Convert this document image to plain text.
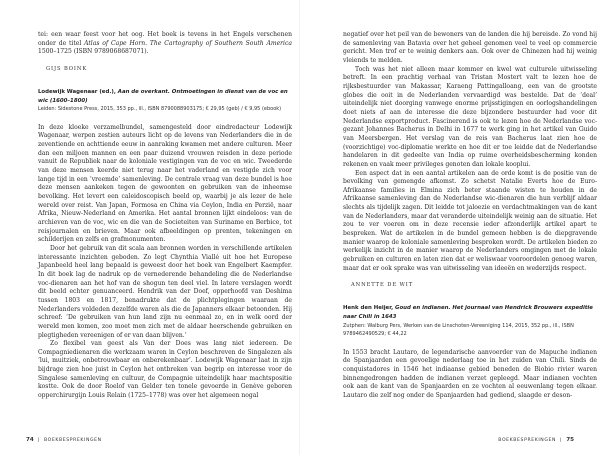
tei: een waar feest voor het oog. Het boek is tevens in het Engels verschenen onder de titel Atlas of Cape Horn. The Cartography of Southern South America 1500–1725 (ISBN 9789068687071).

GIJS BOINK

Lodewijk Wagenaar (ed.), Aan de overkant. Ontmoetingen in dienst van de voc en wic (1600–1800)

Leiden: Sidestone Press, 2015, 353 pp., ill., ISBN 8790088903175; € 29,95 (geb) / € 9,95 (ebook)

In deze kloeke verzamelbundel, samengesteld door eindredacteur Lodewijk Wagenaar, werpen zestien auteurs licht op de levens van Nederlanders die in de zeventiende en achttiende eeuw in aanraking kwamen met andere culturen. Meer dan een miljoen mannen en een paar duizend vrouwen reisden in deze periode vanuit de Republiek naar de koloniale vestigingen van de voc en wic. Tweederde van deze mensen keerde niet terug naar het vaderland en vestigde zich voor lange tijd in een ‘vreemde’ samenleving. De centrale vraag van deze bundel is hoe deze mensen aankeken tegen de gewoonten en gebruiken van de inheemse bevolking. Het levert een caleidoscopisch beeld op, waarbij je als lezer de hele wereld over reist. Van Japan, Formosa en China via Ceylon, India en Perzië, naar Afrika, Nieuw-Nederland en Amerika. Het aantal bronnen lijkt eindeloos: van de archieven van de voc, wic en die van de Societeiten van Suriname en Berbice, tot reisjournalen en brieven. Maar ook afbeeldingen op prenten, tekeningen en schilderijen en zelfs en grafmonumenten.

Door het gebruik van dit scala aan bronnen worden in verschillende artikelen interessante inzichten geboden. Zo legt Chynthia Viallé uit hoe het Europese Japanbeeld heel lang bepaald is geweest door het boek van Engelbert Kaempfer. In dit boek lag de nadruk op de vernederende behandeling die de Nederlandse voc-dienaren aan het hof van de shogun ten deel viel. In latere verslagen wordt dit beeld echter genuanceerd. Hendrik van der Doef, opperhoofd van Deshima tussen 1803 en 1817, benadrukte dat de plichtplegingen waaraan de Nederlanders voldeden dezelfde waren als die de Japanners elkaar betoonden. Hij schreef: ‘De gebruiken van hun land zijn nu eenmaal zo, en in welk oord der wereld men komen, zoo moet men zich met de aldaar heerschende gebruiken en plegtigheden vereenigen of er van daan blijven.’

Zo flexibel van geest als Van der Does was lang niet iedereen. De Compagniedienaren die werkzaam waren in Ceylon beschreven de Singalezen als ‘lui, muitziek, onbetrouwbaar en onberekenbaar’. Lodewijk Wagenaar laat in zijn bijdrage zien hoe juist in Ceylon het ontbreken van begrip en interesse voor de Singalese samenleving en cultuur, de Compagnie uiteindelijk haar machtspositie kostte. Ook de door Roelof van Gelder ten tonele gevoerde in Genève geboren opperchirurgijn Louis Relain (1725–1778) was over het algemeen nogal

74 | BOEKBESPREKINGEN

negatief over het peil van de bewoners van de landen die hij bereisde. Zo vond hij de samenleving van Batavia over het geheel genomen veel te veel op commercie gericht. Men trof er te weinig denkers aan. Ook over de Chinezen had hij weinig vleiends te melden.

Toch was het niet alleen maar kommer en kwel wat culturele uitwisseling betreft. In een prachtig verhaal van Tristan Mostert valt te lezen hoe de rijksbestuurder van Makassar, Karaeng Pattingalloang, een van de grootste globes die ooit in de Nederlanden vervaardigd was bestelde. Dat de ‘deal’ uiteindelijk niet doorging vanwege enorme prijsstigingen en oorlogshandelingen doet niets af aan de interesse die deze bijzondere bestuurder had voor dit Nederlandse exportproduct. Fascinerend is ook te lezen hoe de Nederlandse voc-gezant Johannes Bacherus in Delhi in 1677 te werk ging in het artikel van Guido van Meersbergen. Het verslag van de reis van Bacherus laat zien hoe de (voorzichtige) voc-diplomatie werkte en hoe dit er toe leidde dat de Nederlandse handelaren in dit gedeelte van India op ruime overheidsbescherming konden rekenen en vaak meer privileges genoten dan lokale kooplui.

Een aspect dat in een aantal artikelen aan de orde komt is de positie van de bevolking van gemengde afkomst. Zo schetst Natalie Everts hoe de Euro-Afrikaanse families in Elmina zich beter staande wisten te houden in de Afrikaanse samenleving dan de Nederlandse wic-dienaren die hun verblijf aldaar slechts als tijdelijk zagen. Dit leidde tot jaloezie en verdachtmakingen van de kant van de Nederlanders, maar dat veranderde uiteindelijk weinig aan de situatie. Het zou te ver voeren om in deze recensie ieder afzonderlijk artikel apart te bespreken. Wat de artikelen in de bundel gemeen hebben is de diepgravende manier waarop de koloniale samenleving besproken wordt. De artikelen bieden zo werkelijk inzicht in de manier waarop de Nederlanders omgingen met de lokale gebruiken en culturen en laten zien dat er weliswaar vooroordelen genoeg waren, maar dat er ook sprake was van uitwisseling van ideeën en wederzijds respect.

ANNETTE DE WIT

Henk den Heijer, Goud en indianen. Het journaal van Hendrick Brouwers expeditie naar Chili in 1643

Zutphen: Walburg Pers, Werken van de Linschoten-Vereeniging 114, 2015, 352 pp., ill., ISBN 9789462490529; € 44,22

In 1553 bracht Lautaro, de legendarische aanvoerder van de Mapuche indianen de Spanjaarden een gevoelige nederlaag toe in het zuiden van Chili. Sinds de conquistadores in 1546 het indiaanse gebied beneden de Biobio rivier waren binnengedrongen hadden de indianen verzet gepleegd. Maar indianen vochten ook aan de kant van de Spanjaarden en ze vochten al eeuwenlang tegen elkaar. Lautaro die zelf nog onder de Spanjaarden had gediend, slaagde er deson-

BOEKBESPREKINGEN | 75
